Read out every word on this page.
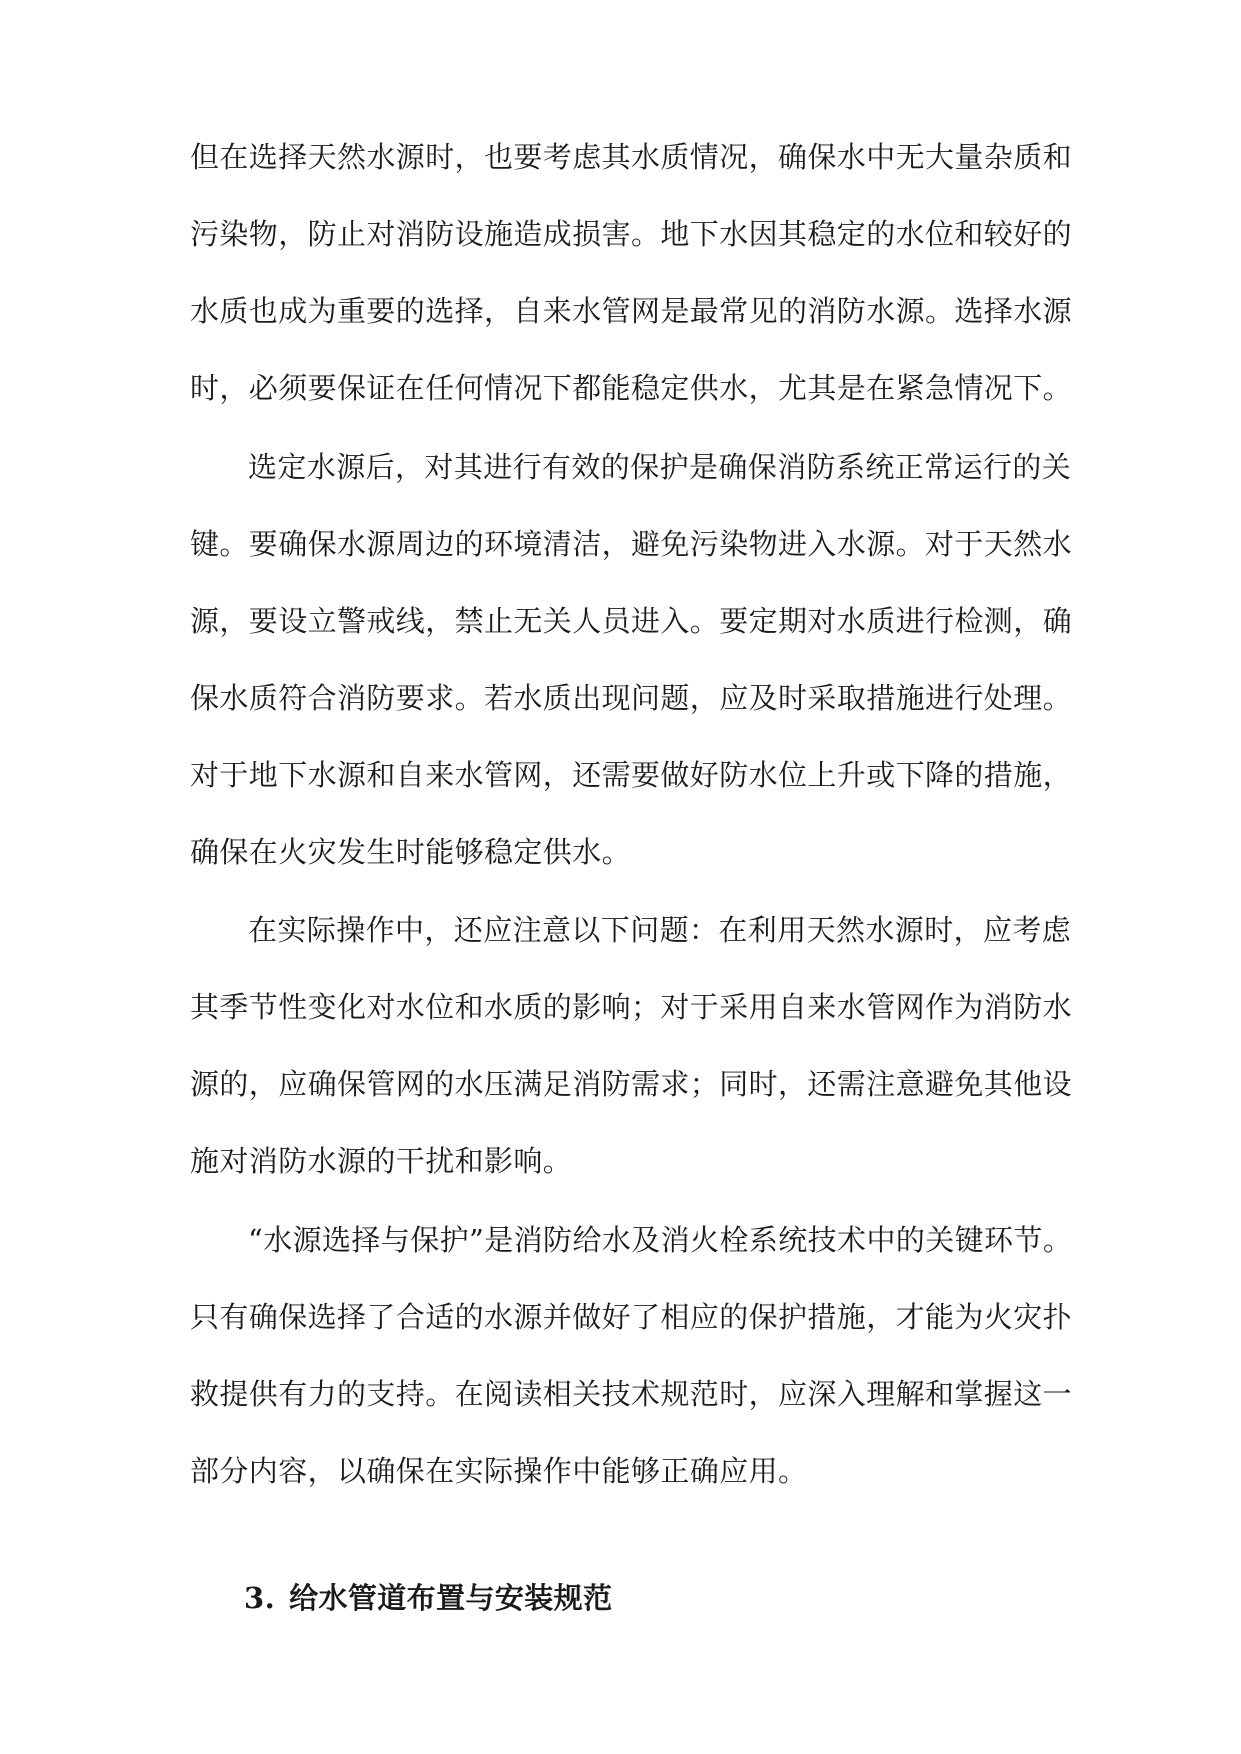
但在选择天然水源时，也要考虑其水质情况，确保水中无大量杂质和
污染物，防止对消防设施造成损害。地下水因其稳定的水位和较好的
水质也成为重要的选择，自来水管网是最常见的消防水源。选择水源
时，必须要保证在任何情况下都能稳定供水，尤其是在紧急情况下。
选定水源后，对其进行有效的保护是确保消防系统正常运行的关
键。要确保水源周边的环境清洁，避免污染物进入水源。对于天然水
源，要设立警戒线，禁止无关人员进入。要定期对水质进行检测，确
保水质符合消防要求。若水质出现问题，应及时采取措施进行处理。
对于地下水源和自来水管网，还需要做好防水位上升或下降的措施，
确保在火灾发生时能够稳定供水。
在实际操作中，还应注意以下问题：在利用天然水源时，应考虑
其季节性变化对水位和水质的影响；对于采用自来水管网作为消防水
源的，应确保管网的水压满足消防需求；同时，还需注意避免其他设
施对消防水源的干扰和影响。
“水源选择与保护”是消防给水及消火栓系统技术中的关键环节。
只有确保选择了合适的水源并做好了相应的保护措施，才能为火灾扑
救提供有力的支持。在阅读相关技术规范时，应深入理解和掌握这一
部分内容，以确保在实际操作中能够正确应用。
3. 给水管道布置与安装规范
